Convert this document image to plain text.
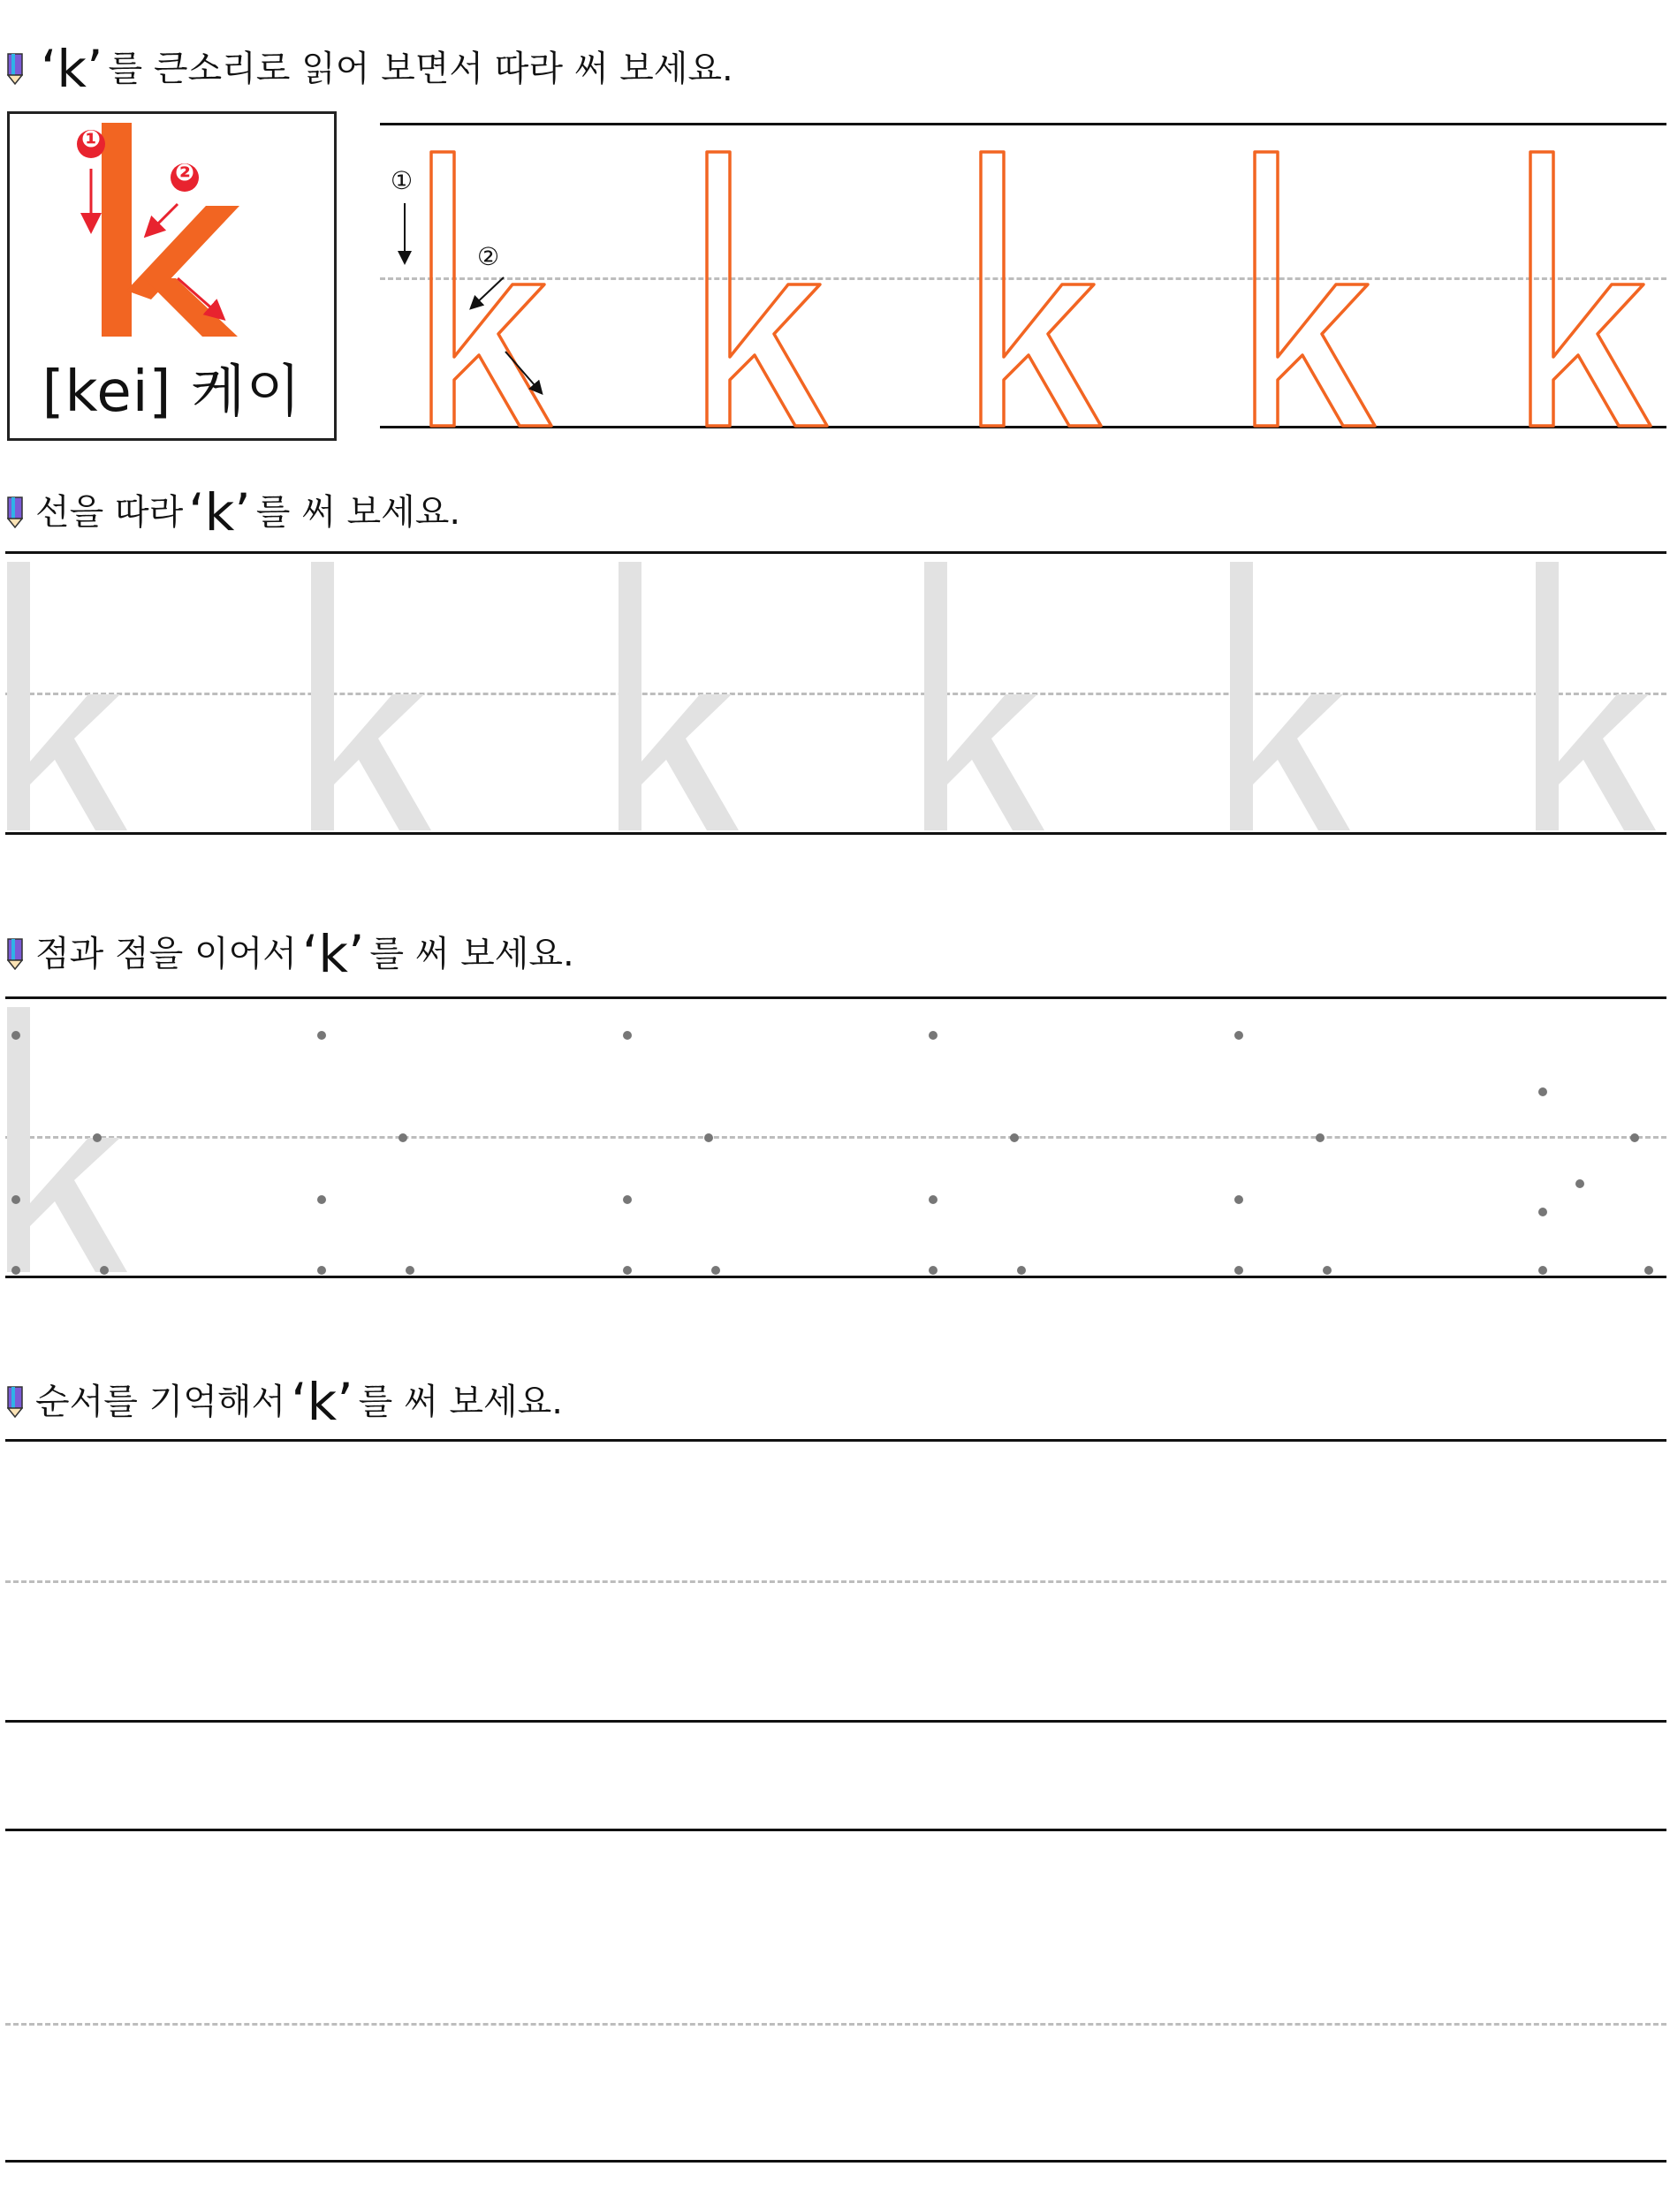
‘k’ 를 큰소리로 읽어 보면서 따라 써 보세요.
선을 따라 ‘k’ 를 써 보세요.
점과 점을 이어서 ‘k’ 를 써 보세요.
순서를 기억해서 ‘k’ 를 써 보세요.
❶
❷
[kei] 케이
①
②
